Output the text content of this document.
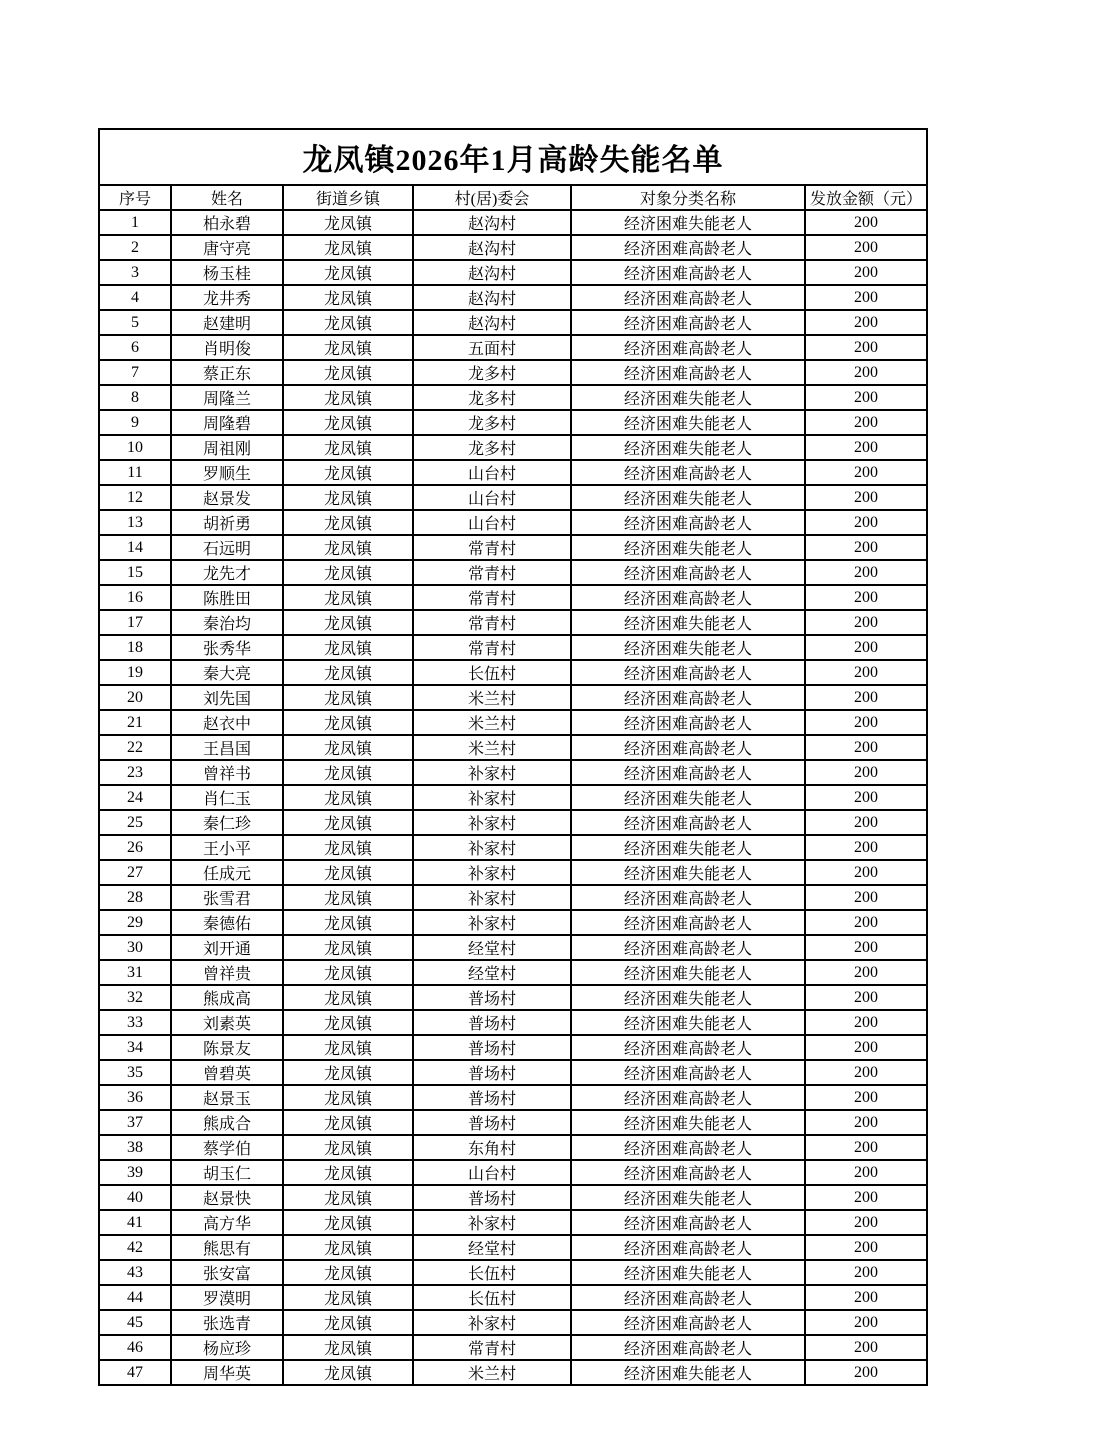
龙凤镇2026年1月高龄失能名单					
序号	姓名	街道乡镇	村(居)委会	对象分类名称	发放金额（元）
1	柏永碧	龙凤镇	赵沟村	经济困难失能老人	200
2	唐守亮	龙凤镇	赵沟村	经济困难高龄老人	200
3	杨玉桂	龙凤镇	赵沟村	经济困难高龄老人	200
4	龙井秀	龙凤镇	赵沟村	经济困难高龄老人	200
5	赵建明	龙凤镇	赵沟村	经济困难高龄老人	200
6	肖明俊	龙凤镇	五面村	经济困难高龄老人	200
7	蔡正东	龙凤镇	龙多村	经济困难高龄老人	200
8	周隆兰	龙凤镇	龙多村	经济困难失能老人	200
9	周隆碧	龙凤镇	龙多村	经济困难失能老人	200
10	周祖刚	龙凤镇	龙多村	经济困难失能老人	200
11	罗顺生	龙凤镇	山台村	经济困难高龄老人	200
12	赵景发	龙凤镇	山台村	经济困难失能老人	200
13	胡祈勇	龙凤镇	山台村	经济困难高龄老人	200
14	石远明	龙凤镇	常青村	经济困难失能老人	200
15	龙先才	龙凤镇	常青村	经济困难高龄老人	200
16	陈胜田	龙凤镇	常青村	经济困难高龄老人	200
17	秦治均	龙凤镇	常青村	经济困难失能老人	200
18	张秀华	龙凤镇	常青村	经济困难失能老人	200
19	秦大亮	龙凤镇	长伍村	经济困难高龄老人	200
20	刘先国	龙凤镇	米兰村	经济困难高龄老人	200
21	赵衣中	龙凤镇	米兰村	经济困难高龄老人	200
22	王昌国	龙凤镇	米兰村	经济困难高龄老人	200
23	曾祥书	龙凤镇	补家村	经济困难高龄老人	200
24	肖仁玉	龙凤镇	补家村	经济困难失能老人	200
25	秦仁珍	龙凤镇	补家村	经济困难高龄老人	200
26	王小平	龙凤镇	补家村	经济困难失能老人	200
27	任成元	龙凤镇	补家村	经济困难失能老人	200
28	张雪君	龙凤镇	补家村	经济困难高龄老人	200
29	秦德佑	龙凤镇	补家村	经济困难高龄老人	200
30	刘开通	龙凤镇	经堂村	经济困难高龄老人	200
31	曾祥贵	龙凤镇	经堂村	经济困难失能老人	200
32	熊成高	龙凤镇	普场村	经济困难失能老人	200
33	刘素英	龙凤镇	普场村	经济困难失能老人	200
34	陈景友	龙凤镇	普场村	经济困难高龄老人	200
35	曾碧英	龙凤镇	普场村	经济困难高龄老人	200
36	赵景玉	龙凤镇	普场村	经济困难高龄老人	200
37	熊成合	龙凤镇	普场村	经济困难失能老人	200
38	蔡学伯	龙凤镇	东角村	经济困难高龄老人	200
39	胡玉仁	龙凤镇	山台村	经济困难高龄老人	200
40	赵景快	龙凤镇	普场村	经济困难失能老人	200
41	高方华	龙凤镇	补家村	经济困难高龄老人	200
42	熊思有	龙凤镇	经堂村	经济困难高龄老人	200
43	张安富	龙凤镇	长伍村	经济困难失能老人	200
44	罗漠明	龙凤镇	长伍村	经济困难高龄老人	200
45	张选青	龙凤镇	补家村	经济困难高龄老人	200
46	杨应珍	龙凤镇	常青村	经济困难高龄老人	200
47	周华英	龙凤镇	米兰村	经济困难失能老人	200
